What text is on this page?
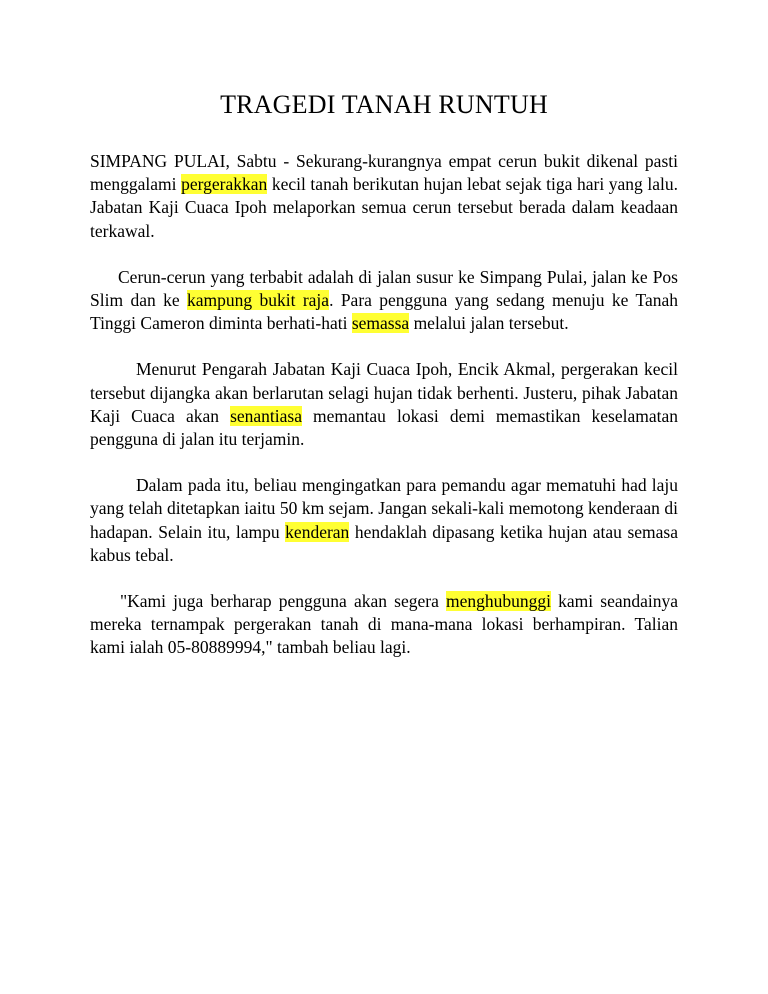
TRAGEDI TANAH RUNTUH

SIMPANG PULAI, Sabtu - Sekurang-kurangnya empat cerun bukit dikenal pasti menggalami pergerakkan kecil tanah berikutan hujan lebat sejak tiga hari yang lalu. Jabatan Kaji Cuaca Ipoh melaporkan semua cerun tersebut berada dalam keadaan terkawal.

Cerun-cerun yang terbabit adalah di jalan susur ke Simpang Pulai, jalan ke Pos Slim dan ke kampung bukit raja. Para pengguna yang sedang menuju ke Tanah Tinggi Cameron diminta berhati-hati semassa melalui jalan tersebut.

Menurut Pengarah Jabatan Kaji Cuaca Ipoh, Encik Akmal, pergerakan kecil tersebut dijangka akan berlarutan selagi hujan tidak berhenti. Justeru, pihak Jabatan Kaji Cuaca akan senantiasa memantau lokasi demi memastikan keselamatan pengguna di jalan itu terjamin.

Dalam pada itu, beliau mengingatkan para pemandu agar mematuhi had laju yang telah ditetapkan iaitu 50 km sejam. Jangan sekali-kali memotong kenderaan di hadapan. Selain itu, lampu kenderan hendaklah dipasang ketika hujan atau semasa kabus tebal.

"Kami juga berharap pengguna akan segera menghubunggi kami seandainya mereka ternampak pergerakan tanah di mana-mana lokasi berhampiran. Talian kami ialah 05-80889994," tambah beliau lagi.
